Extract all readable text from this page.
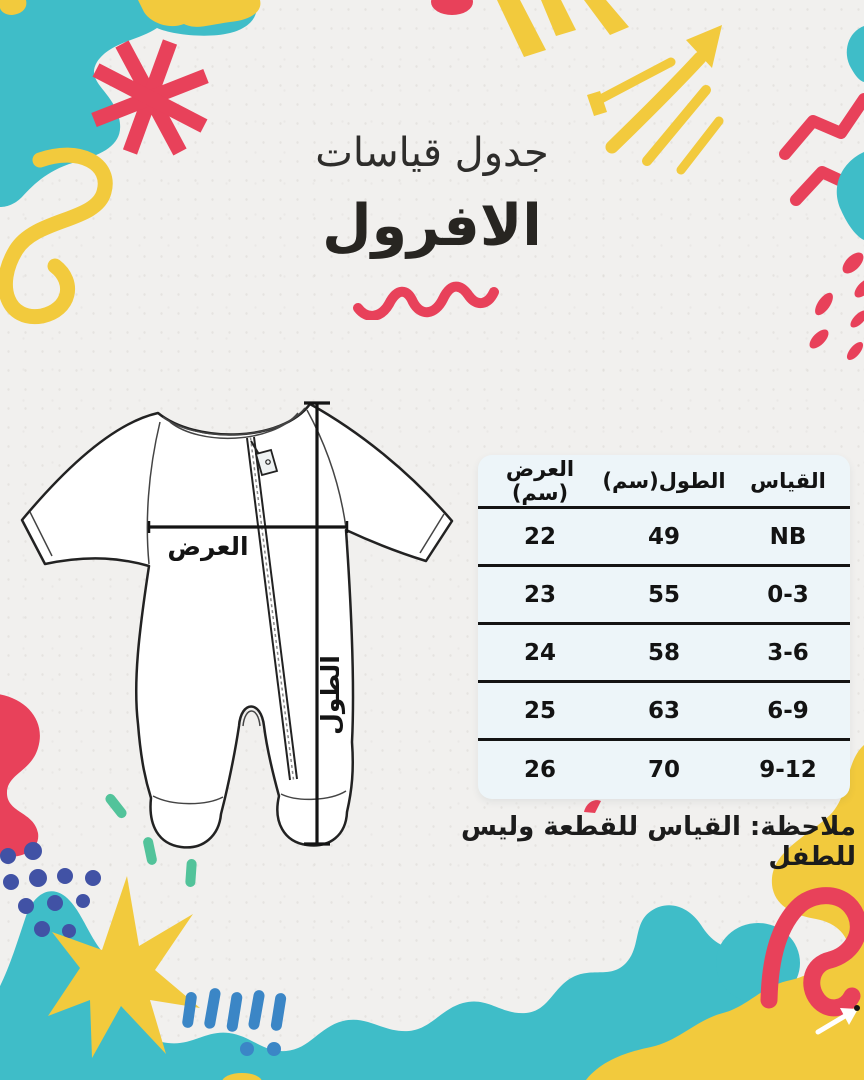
جدول قياسات
الافرول
العرض
الطول
القياس
الطول(سم)
العرض (سم)
NB
49
22
0-3
55
23
3-6
58
24
6-9
63
25
9-12
70
26
ملاحظة: القياس للقطعة وليس للطفل
